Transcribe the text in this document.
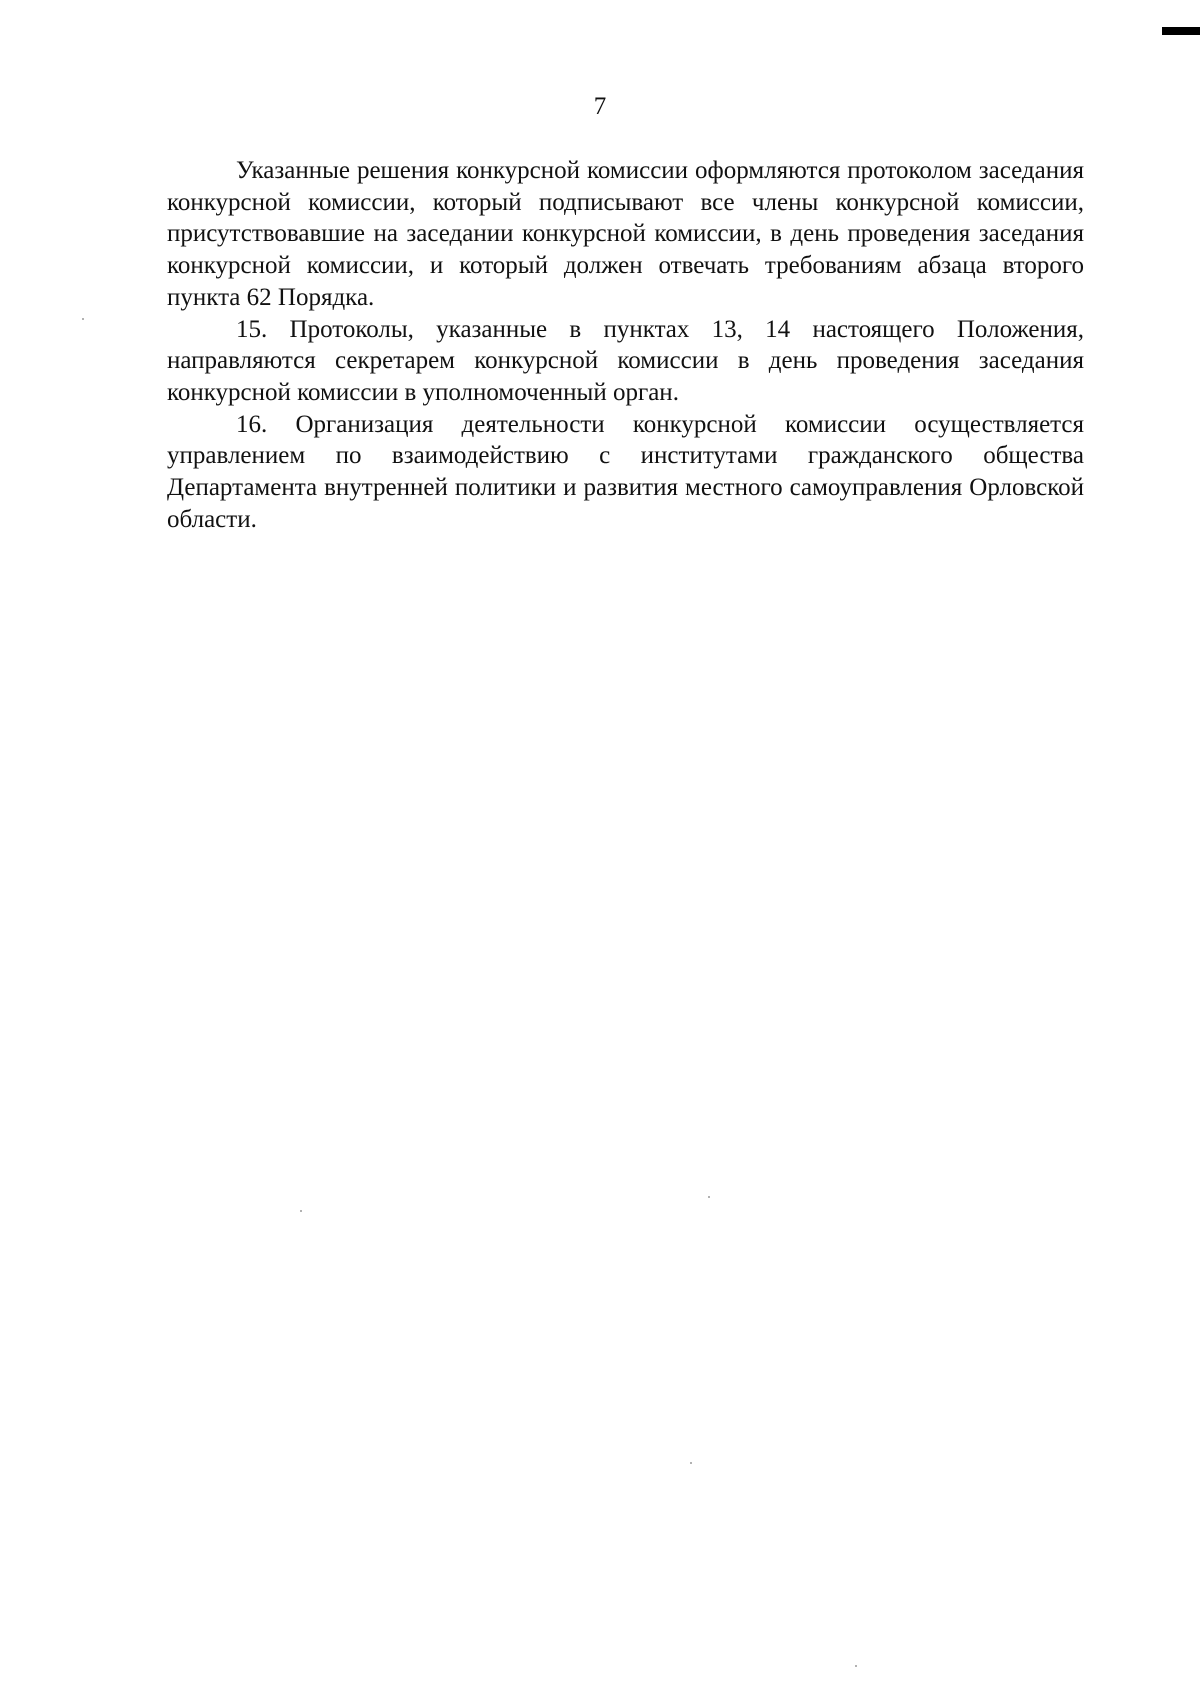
7

Указанные решения конкурсной комиссии оформляются протоколом заседания конкурсной комиссии, который подписывают все члены конкурсной комиссии, присутствовавшие на заседании конкурсной комиссии, в день проведения заседания конкурсной комиссии, и который должен отвечать требованиям абзаца второго пункта 62 Порядка.

15. Протоколы, указанные в пунктах 13, 14 настоящего Положения, направляются секретарем конкурсной комиссии в день проведения заседания конкурсной комиссии в уполномоченный орган.

16. Организация деятельности конкурсной комиссии осуществляется управлением по взаимодействию с институтами гражданского общества Департамента внутренней политики и развития местного самоуправления Орловской области.
